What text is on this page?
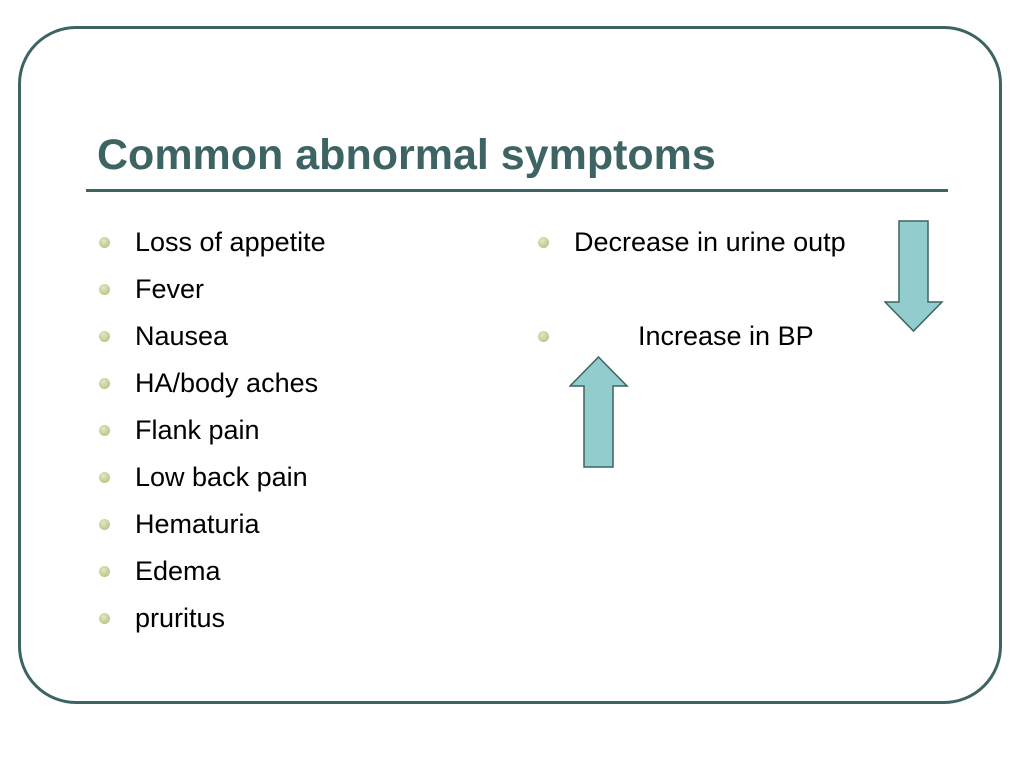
Common abnormal symptoms
Loss of appetite
Fever
Nausea
HA/body aches
Flank pain
Low back pain
Hematuria
Edema
pruritus
Decrease in urine outp
Increase in BP
